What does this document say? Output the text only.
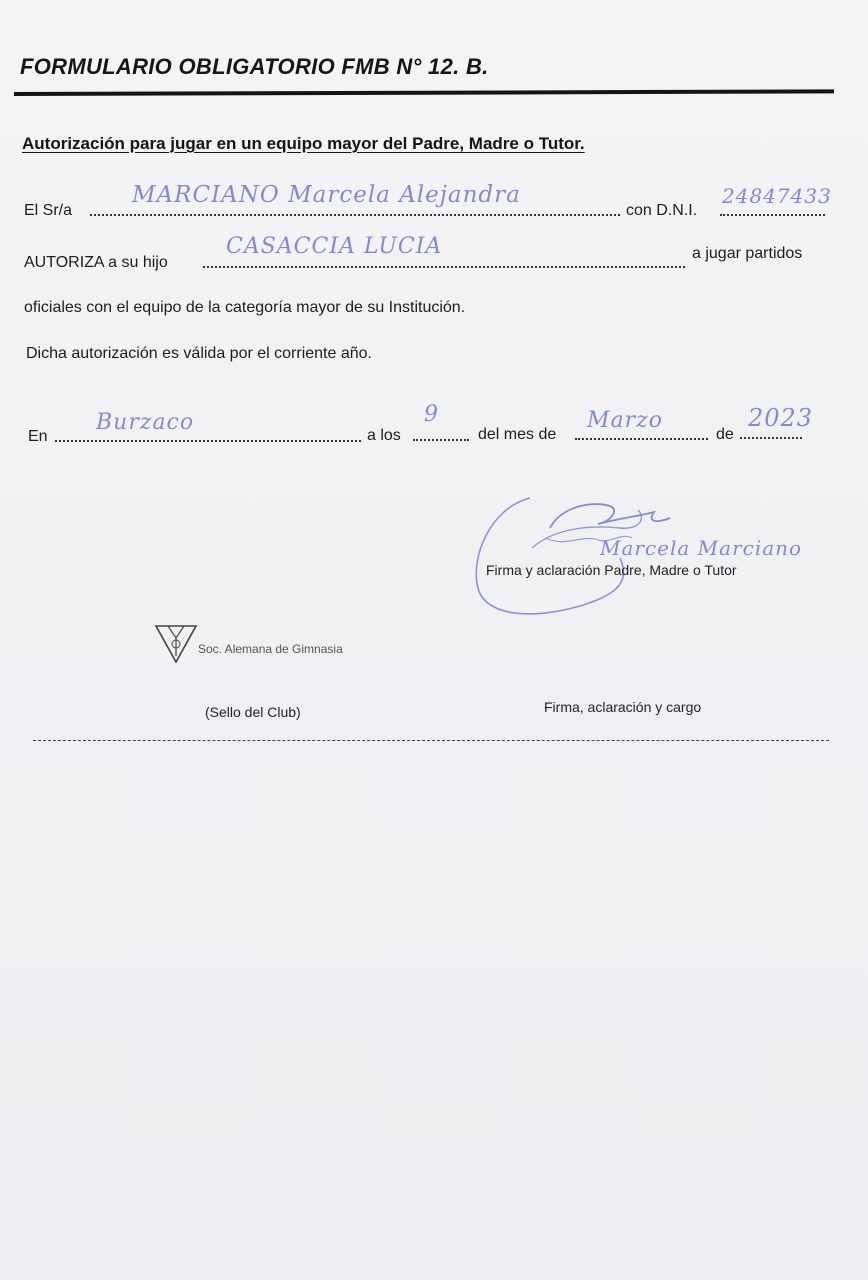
FORMULARIO OBLIGATORIO FMB N° 12. B.
Autorización para jugar en un equipo mayor del Padre, Madre o Tutor.
El Sr/a
MARCIANO Marcela Alejandra
con D.N.I.
24847433
AUTORIZA a su hijo
CASACCIA LUCIA	a jugar partidos
oficiales con el equipo de la categoría mayor de su Institución.
Dicha autorización es válida por el corriente año.
En
Burzaco
a los
9
del mes de
Marzo
de
2023
Marcela Marciano
Firma y aclaración Padre, Madre o Tutor
Soc. Alemana de Gimnasia
(Sello del Club)	Firma, aclaración y cargo
